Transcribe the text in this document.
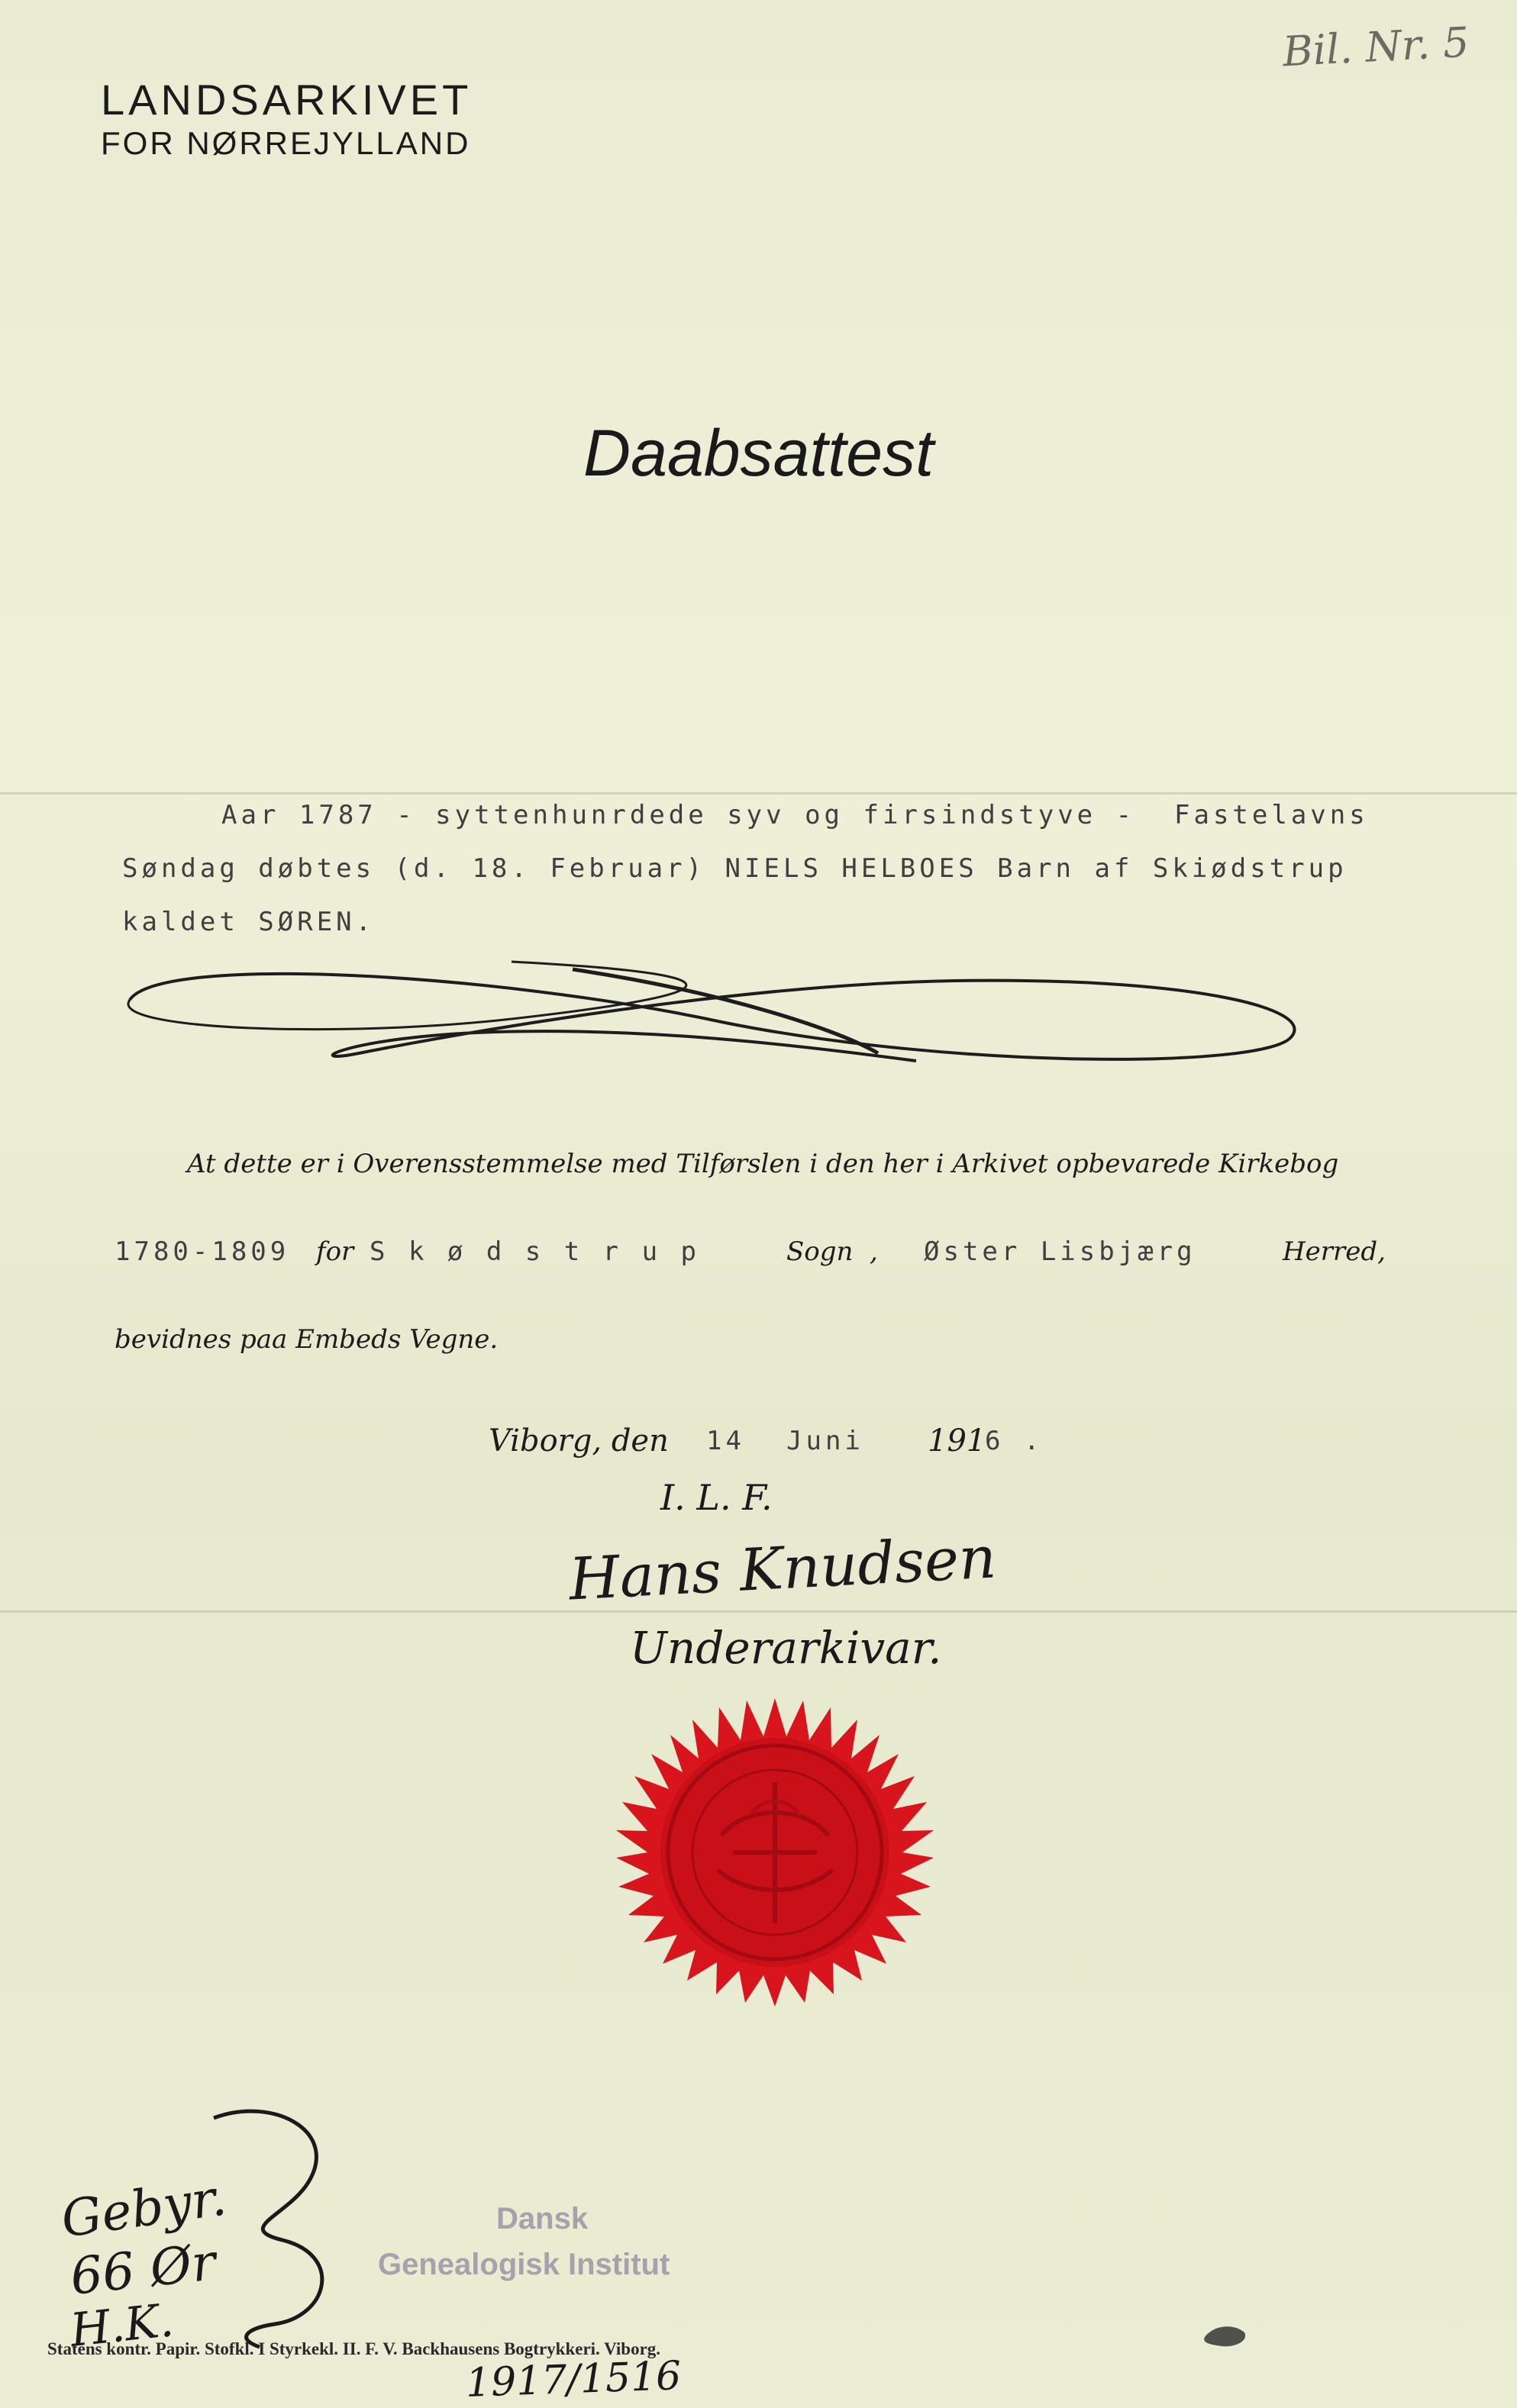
Bil. Nr. 5
LANDSARKIVET
FOR NØRREJYLLAND
Daabsattest
Aar 1787 - syttenhunrdede syv og firsindstyve -  Fastelavns
Søndag døbtes (d. 18. Februar) NIELS HELBOES Barn af Skiødstrup
kaldet SØREN.
At dette er i Overensstemmelse med Tilførslen i den her i Arkivet opbevarede Kirkebog
1780-1809 for S k ø d s t r u p	Sogn  , Øster Lisbjærg	Herred,
bevidnes paa Embeds Vegne.
Viborg, den 14 Juni 191
6 .
I. L. F.
Hans Knudsen
Underarkivar.
Gebyr.
66 Ør
H.K.
Dansk
Genealogisk Institut
Statens kontr. Papir. Stofkl. I Styrkekl. II. F. V. Backhausens Bogtrykkeri. Viborg.
1917/1516
